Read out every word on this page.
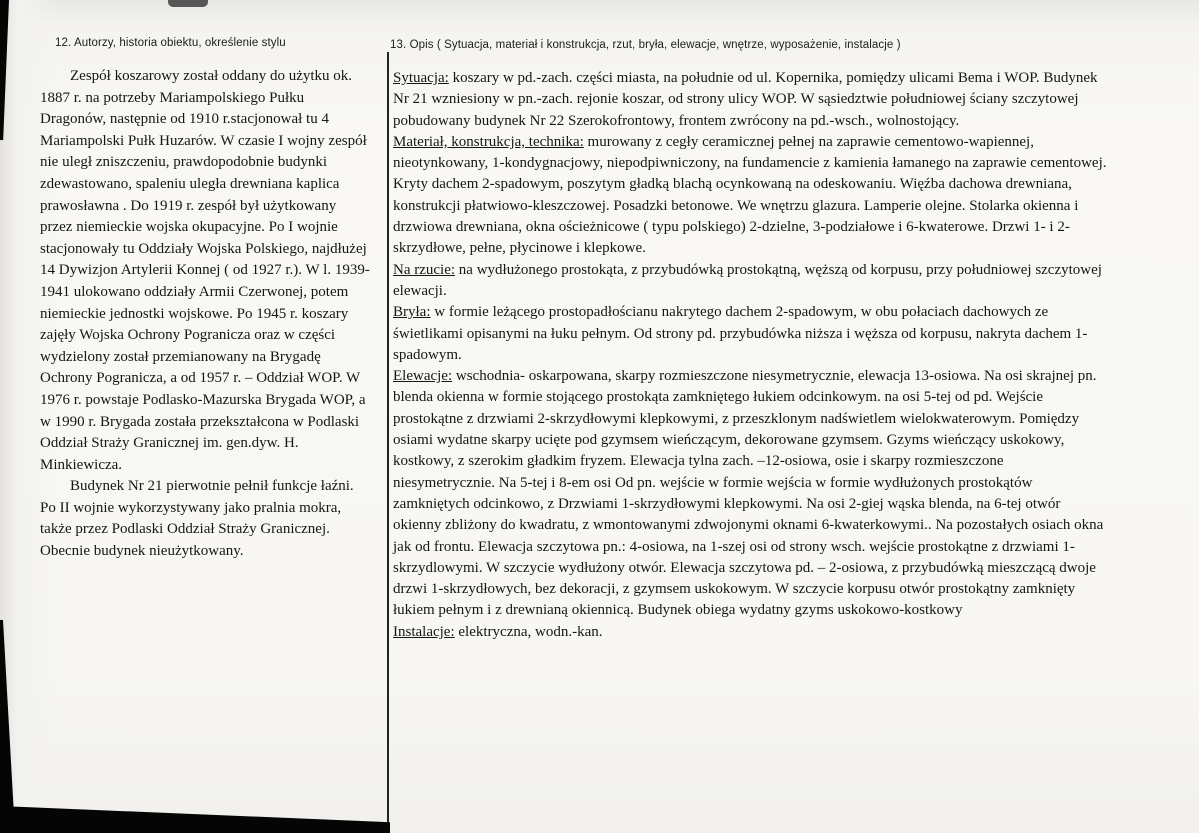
12. Autorzy, historia obiektu, określenie stylu	13. Opis ( Sytuacja, materiał i konstrukcja, rzut, bryła, elewacje, wnętrze, wyposażenie, instalacje )

Zespół koszarowy został oddany do użytku ok. 1887 r. na potrzeby Mariampolskiego Pułku Dragonów, następnie od 1910 r.stacjonował tu 4 Mariampolski Pułk Huzarów. W czasie I wojny zespół nie uległ zniszczeniu, prawdopodobnie budynki zdewastowano, spaleniu uległa drewniana kaplica prawosławna . Do 1919 r. zespół był użytkowany przez niemieckie wojska okupacyjne. Po I wojnie stacjonowały tu Oddziały Wojska Polskiego, najdłużej 14 Dywizjon Artylerii Konnej ( od 1927 r.). W l. 1939-1941 ulokowano oddziały Armii Czerwonej, potem niemieckie jednostki wojskowe. Po 1945 r. koszary zajęły Wojska Ochrony Pogranicza oraz w części wydzielony został przemianowany na Brygadę Ochrony Pogranicza, a od 1957 r. – Oddział WOP. W 1976 r. powstaje Podlasko-Mazurska Brygada WOP, a w 1990 r. Brygada została przekształcona w Podlaski Oddział Straży Granicznej im. gen.dyw. H. Minkiewicza.

Budynek Nr 21 pierwotnie pełnił funkcje łaźni. Po II wojnie wykorzystywany jako pralnia mokra, także przez Podlaski Oddział Straży Granicznej. Obecnie budynek nieużytkowany.

Sytuacja: koszary w pd.-zach. części miasta, na południe od ul. Kopernika, pomiędzy ulicami Bema i WOP. Budynek Nr 21 wzniesiony w pn.-zach. rejonie koszar, od strony ulicy WOP. W sąsiedztwie południowej ściany szczytowej pobudowany budynek Nr 22 Szerokofrontowy, frontem zwrócony na pd.-wsch., wolnostojący.
Materiał, konstrukcja, technika: murowany z cegły ceramicznej pełnej na zaprawie cementowo-wapiennej, nieotynkowany, 1-kondygnacjowy, niepodpiwniczony, na fundamencie z kamienia łamanego na zaprawie cementowej. Kryty dachem 2-spadowym, poszytym gładką blachą ocynkowaną na odeskowaniu. Więźba dachowa drewniana, konstrukcji płatwiowo-kleszczowej. Posadzki betonowe. We wnętrzu glazura. Lamperie olejne. Stolarka okienna i drzwiowa drewniana, okna ościeżnicowe ( typu polskiego) 2-dzielne, 3-podziałowe i 6-kwaterowe. Drzwi 1- i 2-skrzydłowe, pełne, płycinowe i klepkowe.
Na rzucie: na wydłużonego prostokąta, z przybudówką prostokątną, węższą od korpusu, przy południowej szczytowej elewacji.
Bryła: w formie leżącego prostopadłościanu nakrytego dachem 2-spadowym, w obu połaciach dachowych ze świetlikami opisanymi na łuku pełnym. Od strony pd. przybudówka niższa i węższa od korpusu, nakryta dachem 1-spadowym.
Elewacje: wschodnia- oskarpowana, skarpy rozmieszczone niesymetrycznie, elewacja 13-osiowa. Na osi skrajnej pn. blenda okienna w formie stojącego prostokąta zamkniętego łukiem odcinkowym. na osi 5-tej od pd. Wejście prostokątne z drzwiami 2-skrzydłowymi klepkowymi, z przeszklonym nadświetlem wielokwaterowym. Pomiędzy osiami wydatne skarpy ucięte pod gzymsem wieńczącym, dekorowane gzymsem. Gzyms wieńczący uskokowy, kostkowy, z szerokim gładkim fryzem. Elewacja tylna zach. –12-osiowa, osie i skarpy rozmieszczone niesymetrycznie. Na 5-tej i 8-em osi Od pn. wejście w formie wejścia w formie wydłużonych prostokątów zamkniętych odcinkowo, z Drzwiami 1-skrzydłowymi klepkowymi. Na osi 2-giej wąska blenda, na 6-tej otwór okienny zbliżony do kwadratu, z wmontowanymi zdwojonymi oknami 6-kwaterkowymi.. Na pozostałych osiach okna jak od frontu. Elewacja szczytowa pn.: 4-osiowa, na 1-szej osi od strony wsch. wejście prostokątne z drzwiami 1-skrzydlowymi. W szczycie wydłużony otwór. Elewacja szczytowa pd. – 2-osiowa, z przybudówką mieszczącą dwoje drzwi 1-skrzydłowych, bez dekoracji, z gzymsem uskokowym. W szczycie korpusu otwór prostokątny zamknięty łukiem pełnym i z drewnianą okiennicą. Budynek obiega wydatny gzyms uskokowo-kostkowy
Instalacje: elektryczna, wodn.-kan.
